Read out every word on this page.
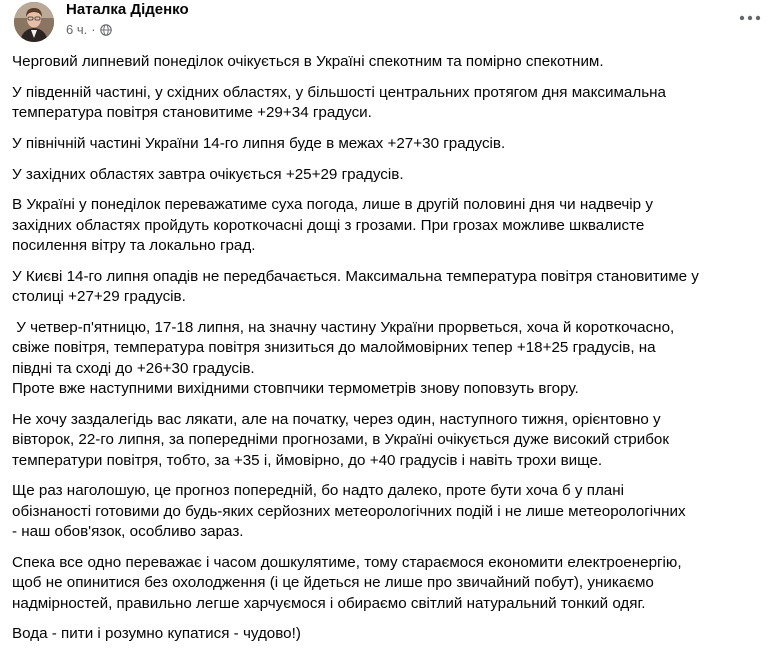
Наталка Діденко
6 ч. ·

Черговий липневий понеділок очікується в Україні спекотним та помірно спекотним.

У південній частині, у східних областях, у більшості центральних протягом дня максимальна
температура повітря становитиме +29+34 градуси.

У північній частині України 14-го липня буде в межах +27+30 градусів.

У західних областях завтра очікується +25+29 градусів.

В Україні у понеділок переважатиме суха погода, лише в другій половині дня чи надвечір у
західних областях пройдуть короткочасні дощі з грозами. При грозах можливе шквалисте
посилення вітру та локально град.

У Києві 14-го липня опадів не передбачається. Максимальна температура повітря становитиме у
столиці +27+29 градусів.

У четвер-п'ятницю, 17-18 липня, на значну частину України прорветься, хоча й короткочасно,
свіже повітря, температура повітря знизиться до малоймовірних тепер +18+25 градусів, на
півдні та сході до +26+30 градусів.
Проте вже наступними вихідними стовпчики термометрів знову поповзуть вгору.

Не хочу заздалегідь вас лякати, але на початку, через один, наступного тижня, орієнтовно у
вівторок, 22-го липня, за попередніми прогнозами, в Україні очікується дуже високий стрибок
температури повітря, тобто, за +35 і, ймовірно, до +40 градусів і навіть трохи вище.

Ще раз наголошую, це прогноз попередній, бо надто далеко, проте бути хоча б у плані
обізнаності готовими до будь-яких серйозних метеорологічних подій і не лише метеорологічних
- наш обов'язок, особливо зараз.

Спека все одно переважає і часом дошкулятиме, тому стараємося економити електроенергію,
щоб не опинитися без охолодження (і це йдеться не лише про звичайний побут), уникаємо
надмірностей, правильно легше харчуємося і обираємо світлий натуральний тонкий одяг.

Вода - пити і розумно купатися - чудово!)
